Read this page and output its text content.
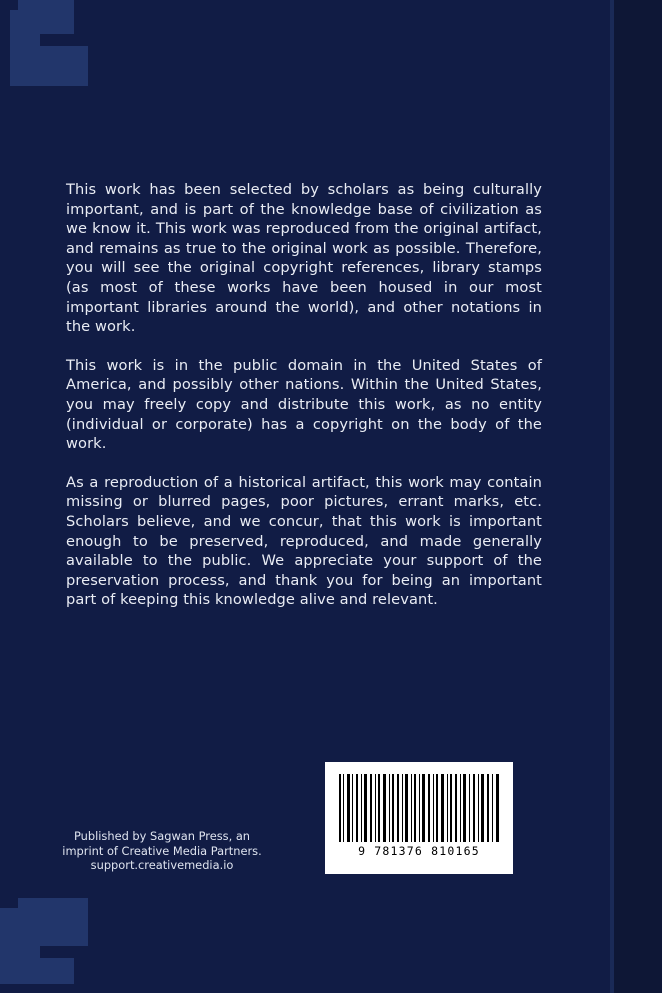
This work has been selected by scholars as being culturally important, and is part of the knowledge base of civilization as we know it. This work was reproduced from the original artifact, and remains as true to the original work as possible. Therefore, you will see the original copyright references, library stamps (as most of these works have been housed in our most important libraries around the world), and other notations in the work.

This work is in the public domain in the United States of America, and possibly other nations. Within the United States, you may freely copy and distribute this work, as no entity (individual or corporate) has a copyright on the body of the work.

As a reproduction of a historical artifact, this work may contain missing or blurred pages, poor pictures, errant marks, etc. Scholars believe, and we concur, that this work is important enough to be preserved, reproduced, and made generally available to the public. We appreciate your support of the preservation process, and thank you for being an important part of keeping this knowledge alive and relevant.

Published by Sagwan Press, an
imprint of Creative Media Partners.
support.creativemedia.io
9 781376 810165
